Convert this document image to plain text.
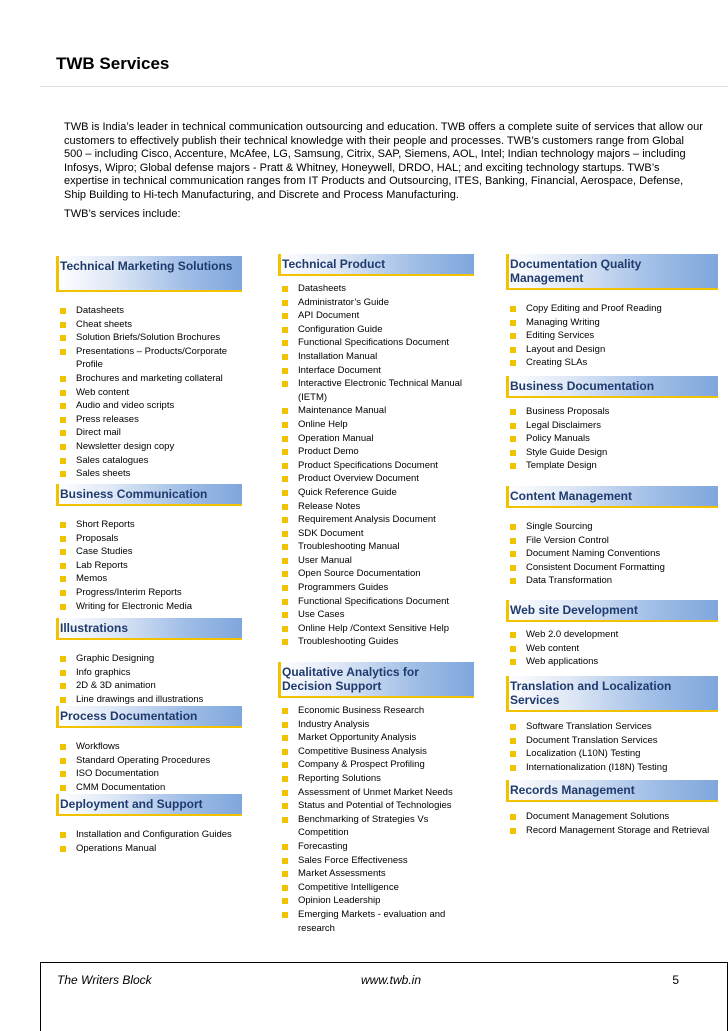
TWB Services
TWB is India’s leader in technical communication outsourcing and education. TWB offers a complete suite of services that allow our customers to effectively publish their technical knowledge with their people and processes. TWB’s customers range from Global 500 – including Cisco, Accenture, McAfee, LG, Samsung, Citrix, SAP, Siemens, AOL, Intel; Indian technology majors – including Infosys, Wipro; Global defense majors - Pratt & Whitney, Honeywell, DRDO, HAL; and exciting technology startups. TWB’s expertise in technical communication ranges from IT Products and Outsourcing, ITES, Banking, Financial, Aerospace, Defense, Ship Building to Hi-tech Manufacturing, and Discrete and Process Manufacturing.
TWB’s services include:
Technical Marketing Solutions
Datasheets
Cheat sheets
Solution Briefs/Solution Brochures
Presentations – Products/Corporate Profile
Brochures and marketing collateral
Web content
Audio and video scripts
Press releases
Direct mail
Newsletter design copy
Sales catalogues
Sales sheets
Business Communication
Short Reports
Proposals
Case Studies
Lab Reports
Memos
Progress/Interim Reports
Writing for Electronic Media
Illustrations
Graphic Designing
Info graphics
2D & 3D animation
Line drawings and illustrations
Process Documentation
Workflows
Standard Operating Procedures
ISO Documentation
CMM Documentation
Deployment and Support
Installation and Configuration Guides
Operations Manual
Technical Product
Datasheets
Administrator’s Guide
API Document
Configuration Guide
Functional Specifications Document
Installation Manual
Interface Document
Interactive Electronic Technical Manual (IETM)
Maintenance Manual
Online Help
Operation Manual
Product Demo
Product Specifications Document
Product Overview Document
Quick Reference Guide
Release Notes
Requirement Analysis Document
SDK Document
Troubleshooting Manual
User Manual
Open Source Documentation
Programmers Guides
Functional Specifications Document
Use Cases
Online Help /Context Sensitive Help
Troubleshooting Guides
Qualitative Analytics for Decision Support
Economic Business Research
Industry Analysis
Market Opportunity Analysis
Competitive Business Analysis
Company & Prospect Profiling
Reporting Solutions
Assessment of Unmet Market Needs
Status and Potential of Technologies
Benchmarking of Strategies Vs Competition
Forecasting
Sales Force Effectiveness
Market Assessments
Competitive Intelligence
Opinion Leadership
Emerging Markets - evaluation and research
Documentation Quality Management
Copy Editing and Proof Reading
Managing Writing
Editing Services
Layout and Design
Creating SLAs
Business Documentation
Business Proposals
Legal Disclaimers
Policy Manuals
Style Guide Design
Template Design
Content Management
Single Sourcing
File Version Control
Document Naming Conventions
Consistent Document Formatting
Data Transformation
Web site Development
Web 2.0 development
Web content
Web applications
Translation and Localization Services
Software Translation Services
Document Translation Services
Localization (L10N) Testing
Internationalization (I18N) Testing
Records Management
Document Management Solutions
Record Management Storage and Retrieval
The Writers Block	www.twb.in	5
